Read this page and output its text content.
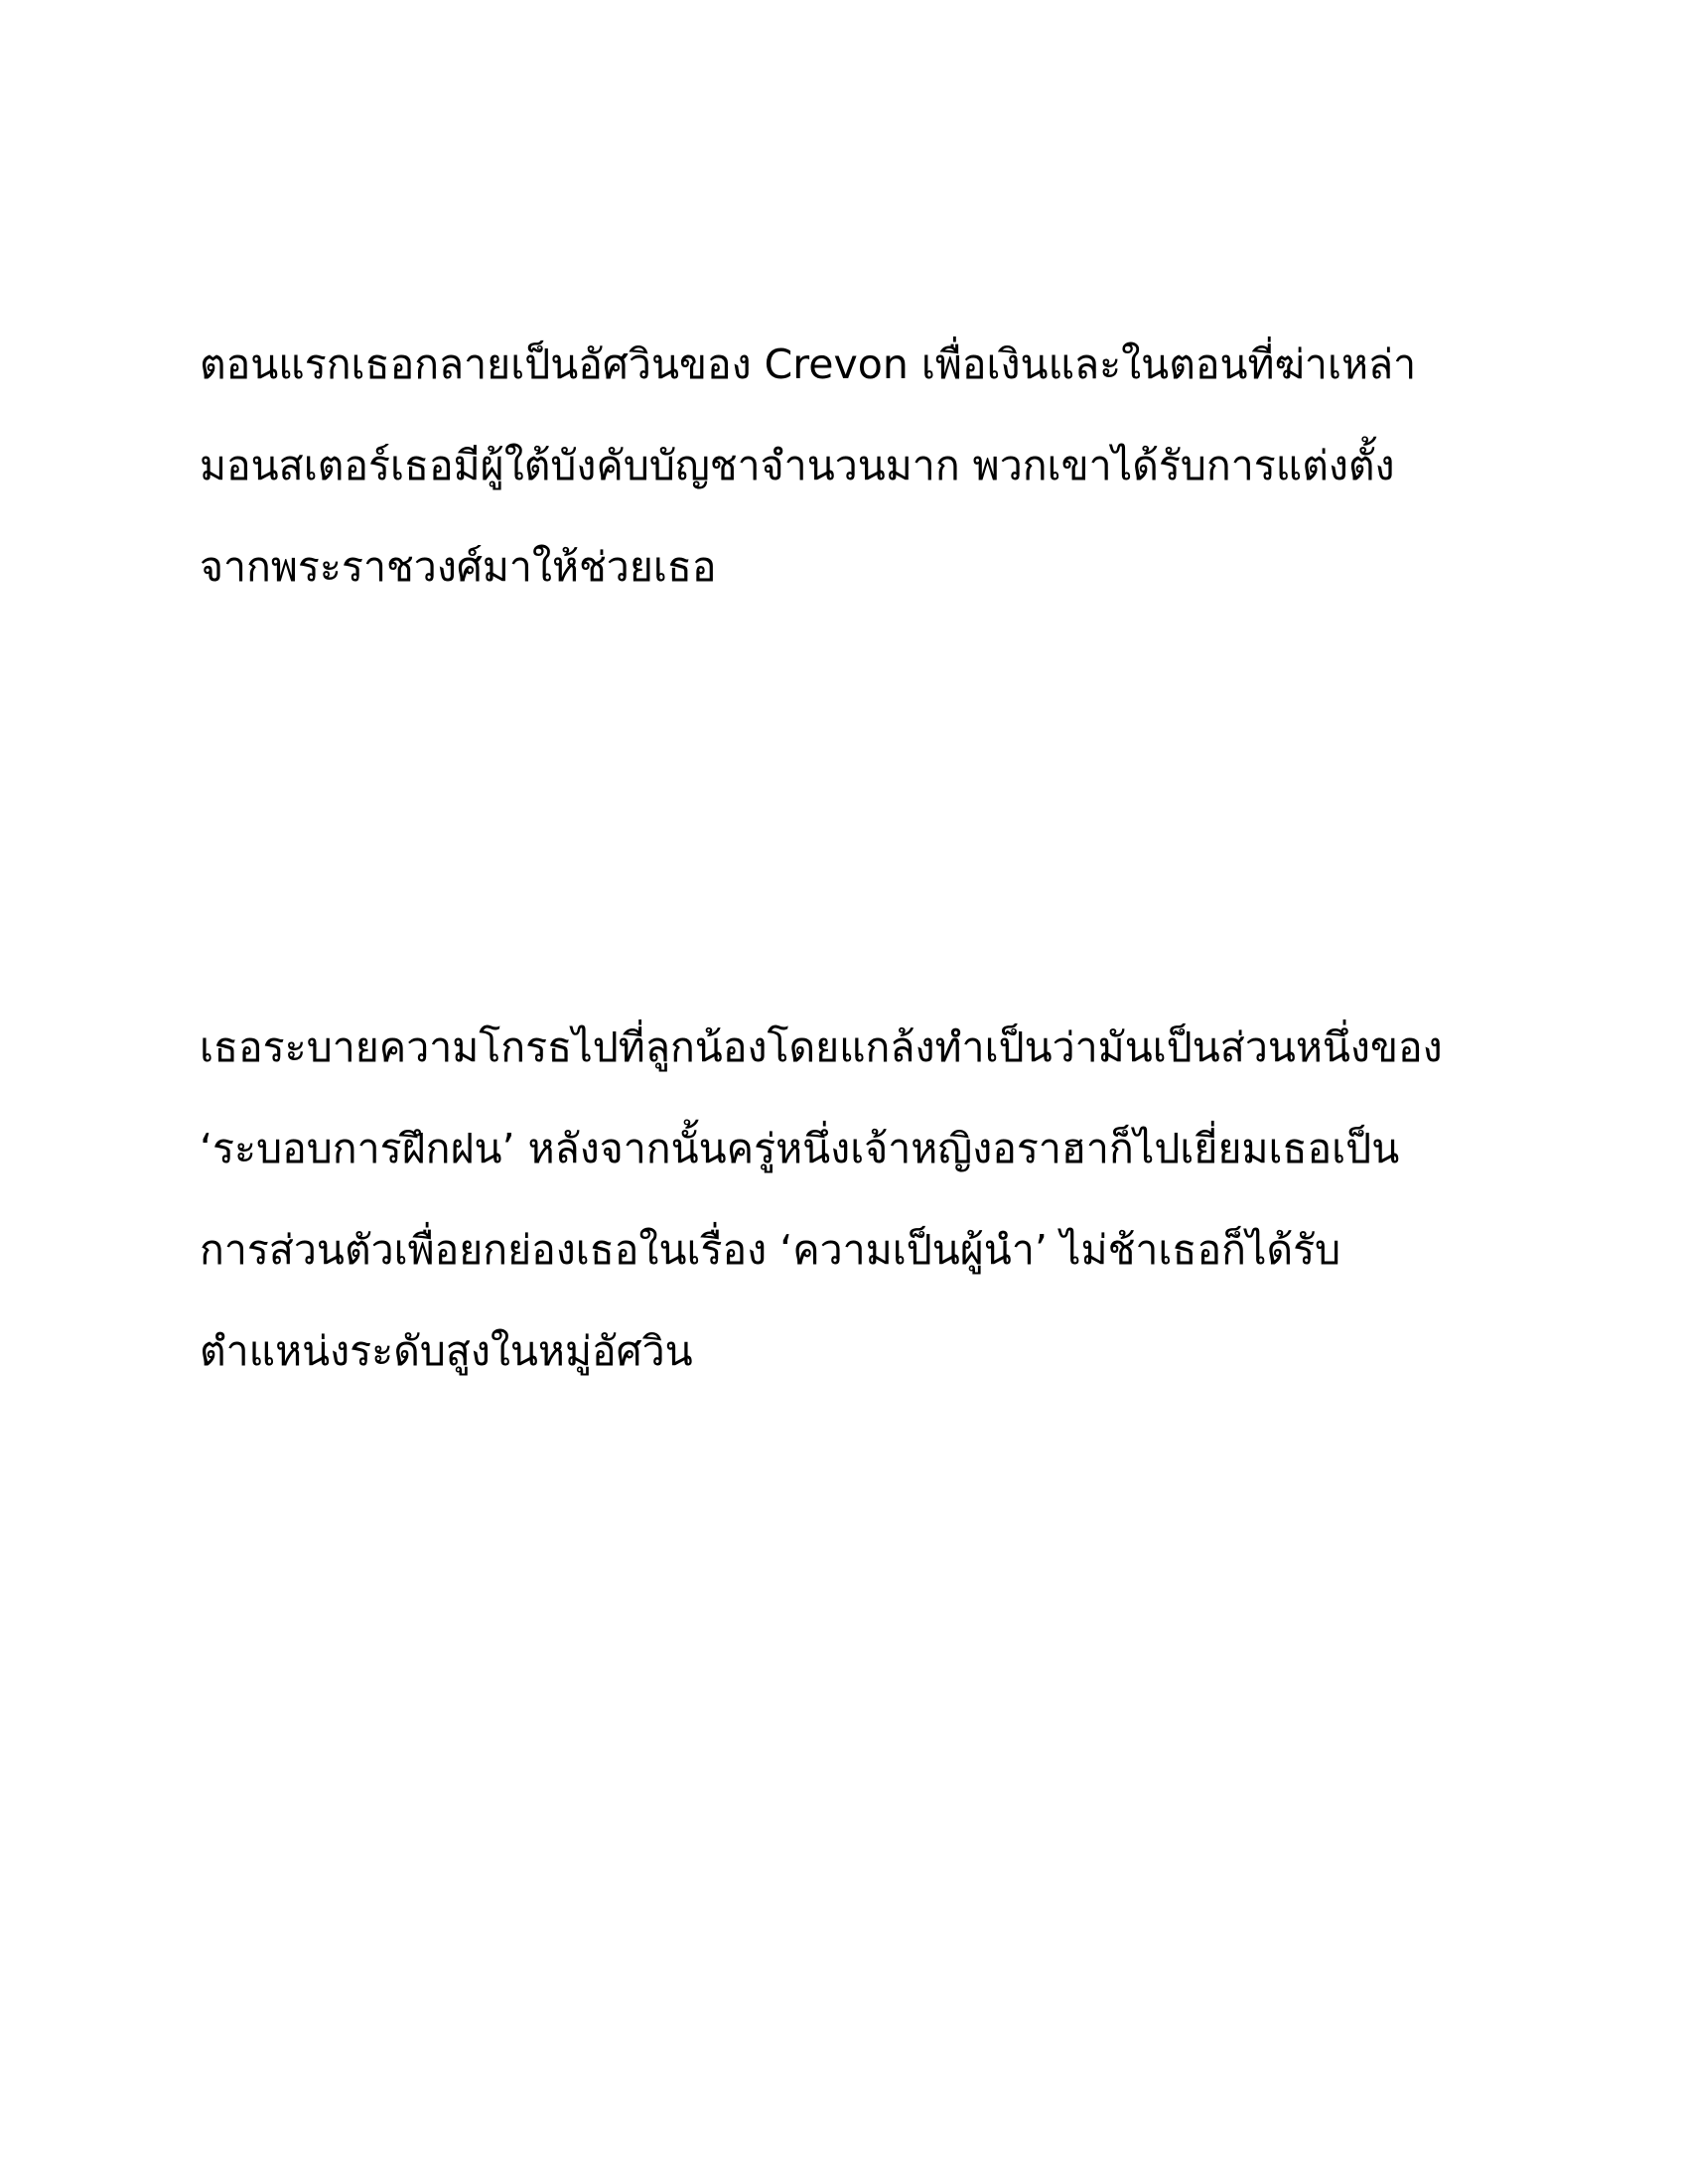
ตอนแรกเธอกลายเป็นอัศวินของ Crevon เพื่อเงินและในตอนที่ฆ่าเหล่า
มอนสเตอร์เธอมีผู้ใต้บังคับบัญชาจำนวนมาก พวกเขาได้รับการแต่งตั้ง
จากพระราชวงศ์มาให้ช่วยเธอ

เธอระบายความโกรธไปที่ลูกน้องโดยแกล้งทำเป็นว่ามันเป็นส่วนหนึ่งของ
‘ระบอบการฝึกฝน’ หลังจากนั้นครู่หนึ่งเจ้าหญิงอราฮาก็ไปเยี่ยมเธอเป็น
การส่วนตัวเพื่อยกย่องเธอในเรื่อง ‘ความเป็นผู้นำ’ ไม่ช้าเธอก็ได้รับ
ตำแหน่งระดับสูงในหมู่อัศวิน
